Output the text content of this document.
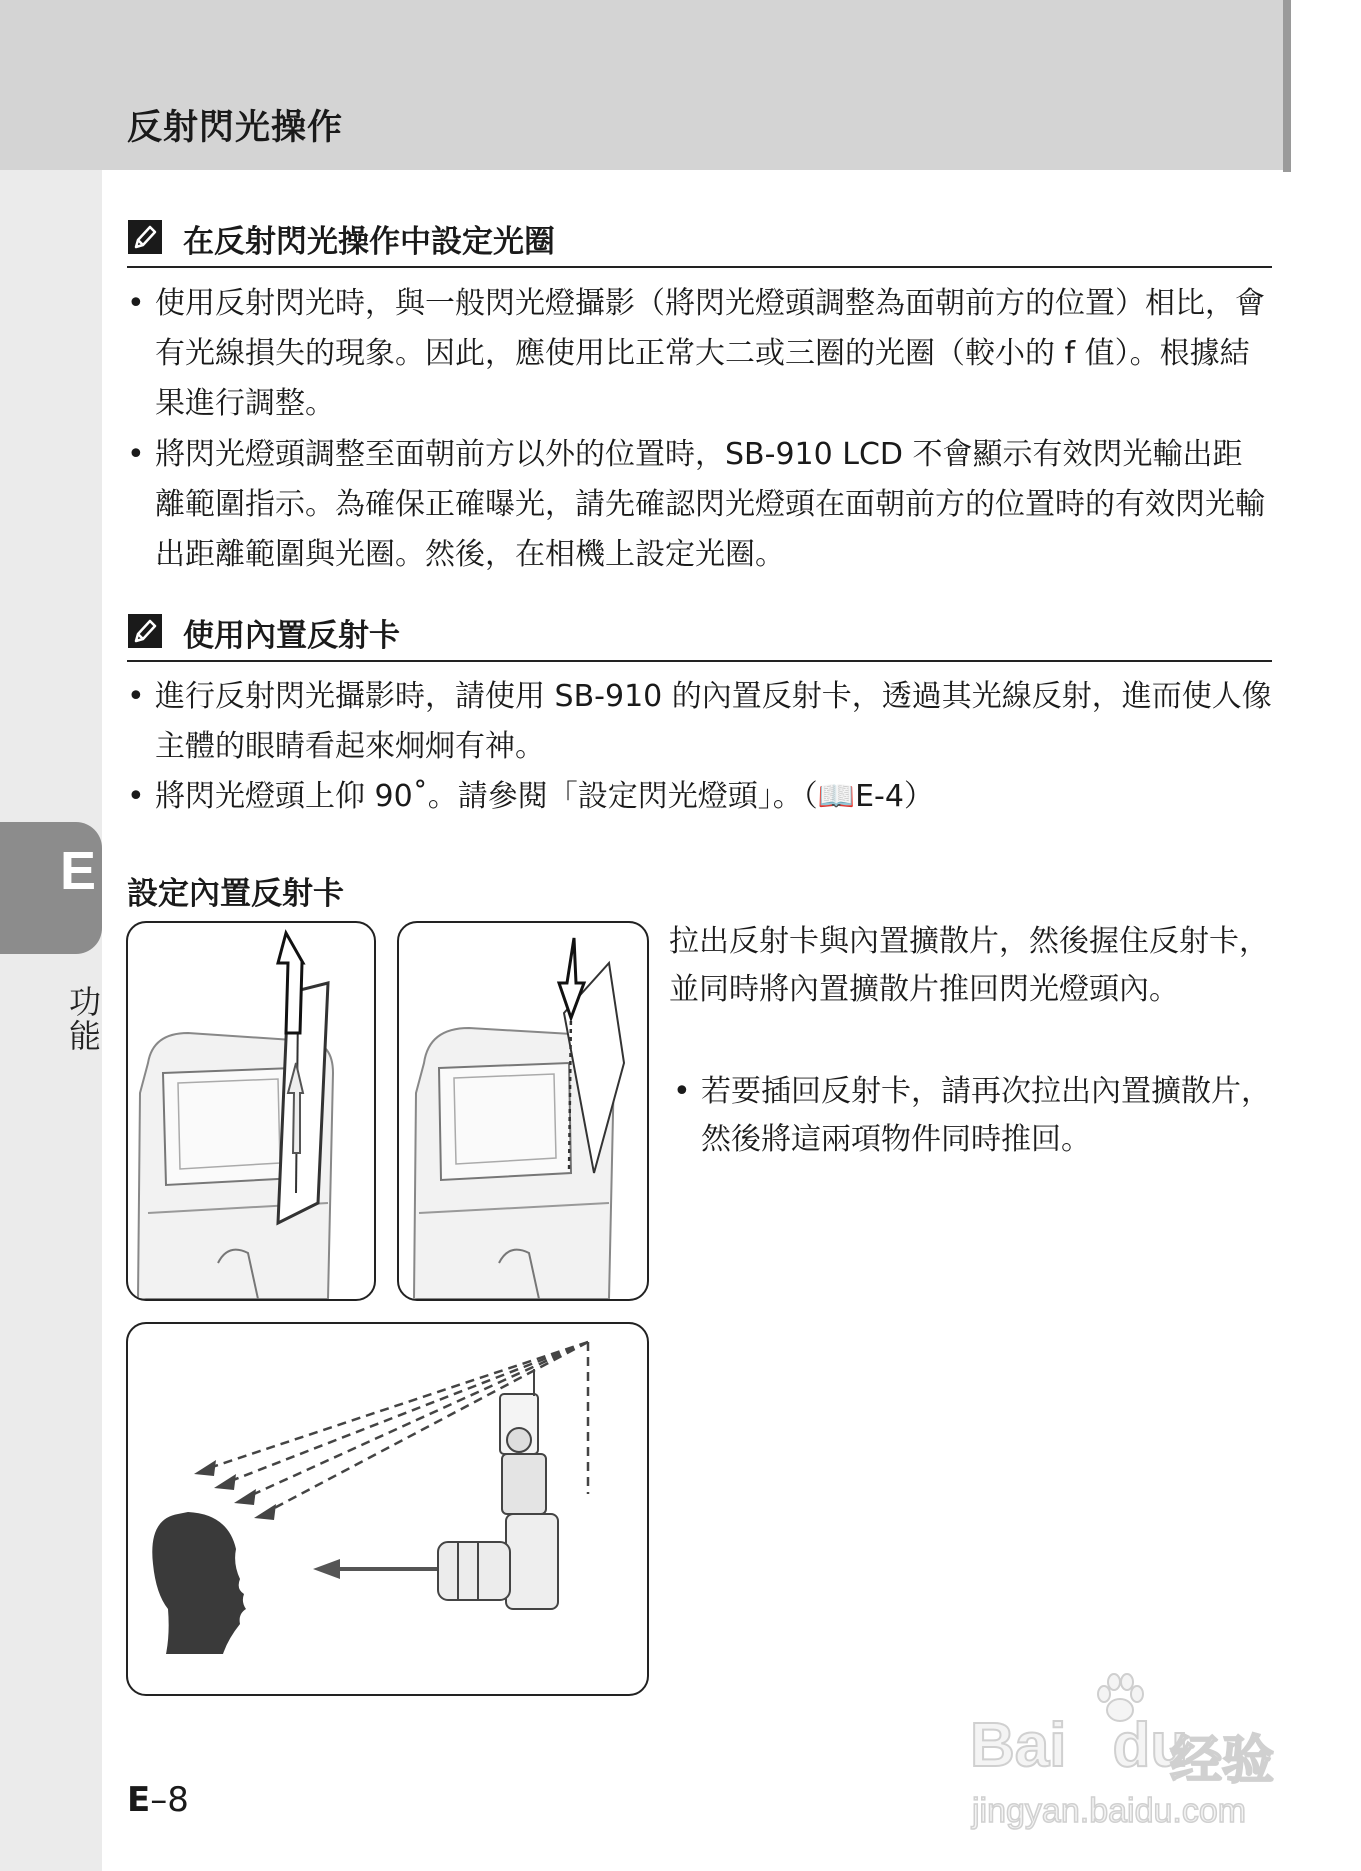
反射閃光操作
E
功能
在反射閃光操作中設定光圈
• 使用反射閃光時，與一般閃光燈攝影（將閃光燈頭調整為面朝前方的位置）相比，會有光線損失的現象。因此，應使用比正常大二或三圈的光圈（較小的 f 值）。根據結果進行調整。
• 將閃光燈頭調整至面朝前方以外的位置時，SB-910 LCD 不會顯示有效閃光輸出距離範圍指示。為確保正確曝光，請先確認閃光燈頭在面朝前方的位置時的有效閃光輸出距離範圍與光圈。然後，在相機上設定光圈。
使用內置反射卡
• 進行反射閃光攝影時，請使用 SB-910 的內置反射卡，透過其光線反射，進而使人像主體的眼睛看起來炯炯有神。
• 將閃光燈頭上仰 90˚。請參閱「設定閃光燈頭」。（📖E-4）
設定內置反射卡
拉出反射卡與內置擴散片，然後握住反射卡，並同時將內置擴散片推回閃光燈頭內。
• 若要插回反射卡，請再次拉出內置擴散片，然後將這兩項物件同時推回。
E–8
Bai du
经验
jingyan.baidu.com
